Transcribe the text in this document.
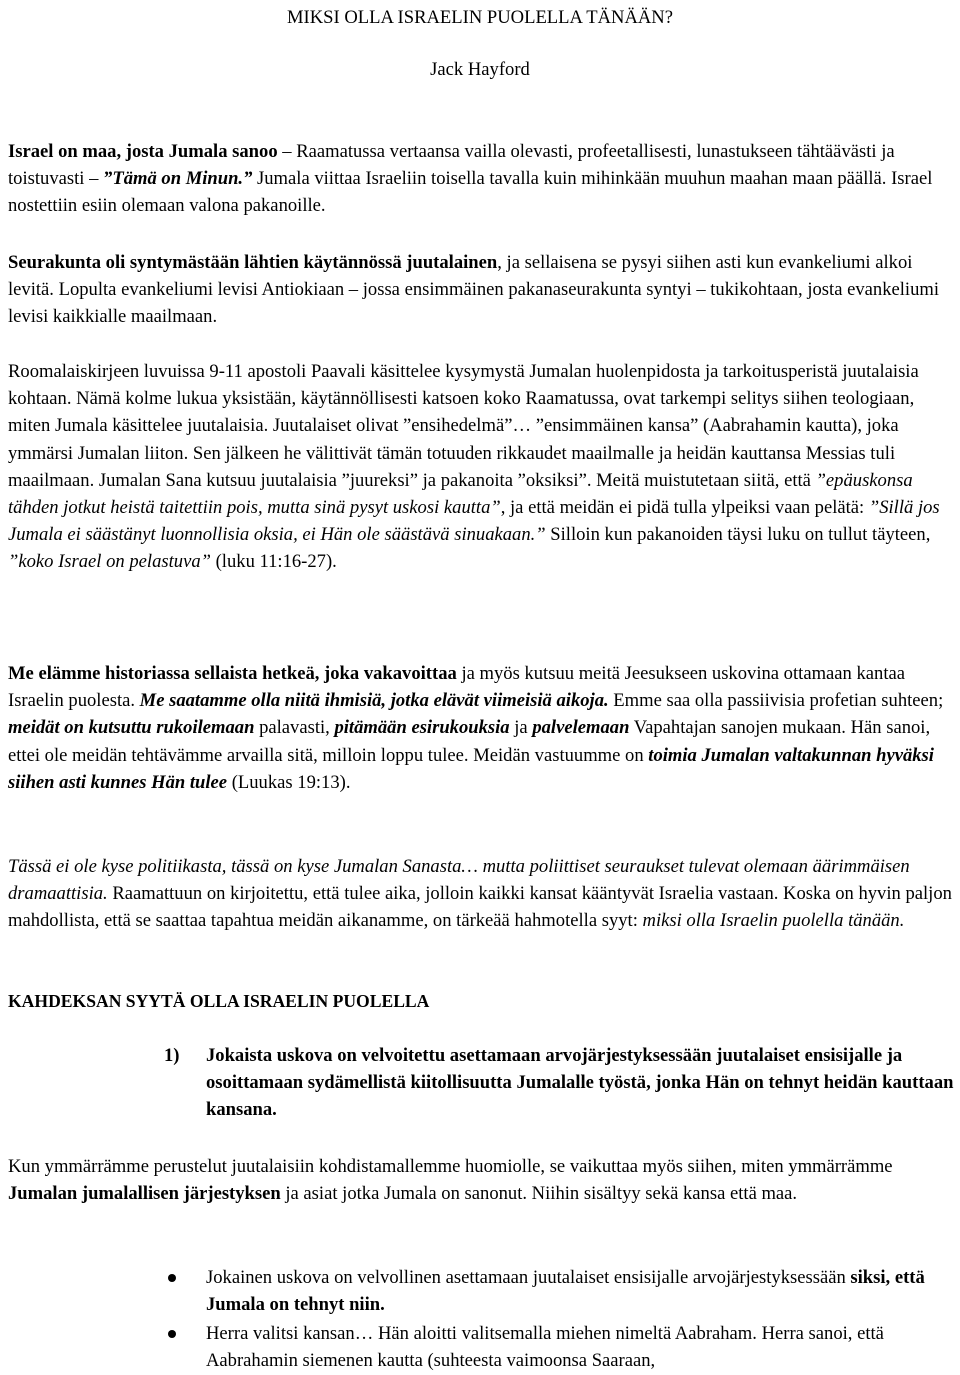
MIKSI OLLA ISRAELIN PUOLELLA TÄNÄÄN?
Jack Hayford

Israel on maa, josta Jumala sanoo – Raamatussa vertaansa vailla olevasti, profeetallisesti, lunastukseen tähtäävästi ja toistuvasti – ”Tämä on Minun.” Jumala viittaa Israeliin toisella tavalla kuin mihinkään muuhun maahan maan päällä. Israel nostettiin esiin olemaan valona pakanoille.

Seurakunta oli syntymästään lähtien käytännössä juutalainen, ja sellaisena se pysyi siihen asti kun evankeliumi alkoi levitä. Lopulta evankeliumi levisi Antiokiaan – jossa ensimmäinen pakanaseurakunta syntyi – tukikohtaan, josta evankeliumi levisi kaikkialle maailmaan.

Roomalaiskirjeen luvuissa 9-11 apostoli Paavali käsittelee kysymystä Jumalan huolenpidosta ja tarkoitusperistä juutalaisia kohtaan. Nämä kolme lukua yksistään, käytännöllisesti katsoen koko Raamatussa, ovat tarkempi selitys siihen teologiaan, miten Jumala käsittelee juutalaisia. Juutalaiset olivat ”ensihedelmä”… ”ensimmäinen kansa” (Aabrahamin kautta), joka ymmärsi Jumalan liiton. Sen jälkeen he välittivät tämän totuuden rikkaudet maailmalle ja heidän kauttansa Messias tuli maailmaan. Jumalan Sana kutsuu juutalaisia ”juureksi” ja pakanoita ”oksiksi”. Meitä muistutetaan siitä, että ”epäuskonsa tähden jotkut heistä taitettiin pois, mutta sinä pysyt uskosi kautta”, ja että meidän ei pidä tulla ylpeiksi vaan pelätä: ”Sillä jos Jumala ei säästänyt luonnollisia oksia, ei Hän ole säästävä sinuakaan.” Silloin kun pakanoiden täysi luku on tullut täyteen, ”koko Israel on pelastuva” (luku 11:16-27).

Me elämme historiassa sellaista hetkeä, joka vakavoittaa ja myös kutsuu meitä Jeesukseen uskovina ottamaan kantaa Israelin puolesta. Me saatamme olla niitä ihmisiä, jotka elävät viimeisiä aikoja. Emme saa olla passiivisia profetian suhteen; meidät on kutsuttu rukoilemaan palavasti, pitämään esirukouksia ja palvelemaan Vapahtajan sanojen mukaan. Hän sanoi, ettei ole meidän tehtävämme arvailla sitä, milloin loppu tulee. Meidän vastuumme on toimia Jumalan valtakunnan hyväksi siihen asti kunnes Hän tulee (Luukas 19:13).

Tässä ei ole kyse politiikasta, tässä on kyse Jumalan Sanasta… mutta poliittiset seuraukset tulevat olemaan äärimmäisen dramaattisia. Raamattuun on kirjoitettu, että tulee aika, jolloin kaikki kansat kääntyvät Israelia vastaan. Koska on hyvin paljon mahdollista, että se saattaa tapahtua meidän aikanamme, on tärkeää hahmotella syyt: miksi olla Israelin puolella tänään.

KAHDEKSAN SYYTÄ OLLA ISRAELIN PUOLELLA

1) Jokaista uskova on velvoitettu asettamaan arvojärjestyksessään juutalaiset ensisijalle ja osoittamaan sydämellistä kiitollisuutta Jumalalle työstä, jonka Hän on tehnyt heidän kauttaan kansana.

Kun ymmärrämme perustelut juutalaisiin kohdistamallemme huomiolle, se vaikuttaa myös siihen, miten ymmärrämme Jumalan jumalallisen järjestyksen ja asiat jotka Jumala on sanonut. Niihin sisältyy sekä kansa että maa.

Jokainen uskova on velvollinen asettamaan juutalaiset ensisijalle arvojärjestyksessään siksi, että Jumala on tehnyt niin.

Herra valitsi kansan… Hän aloitti valitsemalla miehen nimeltä Aabraham. Herra sanoi, että Aabrahamin siemenen kautta (suhteesta vaimoonsa Saaraan,
